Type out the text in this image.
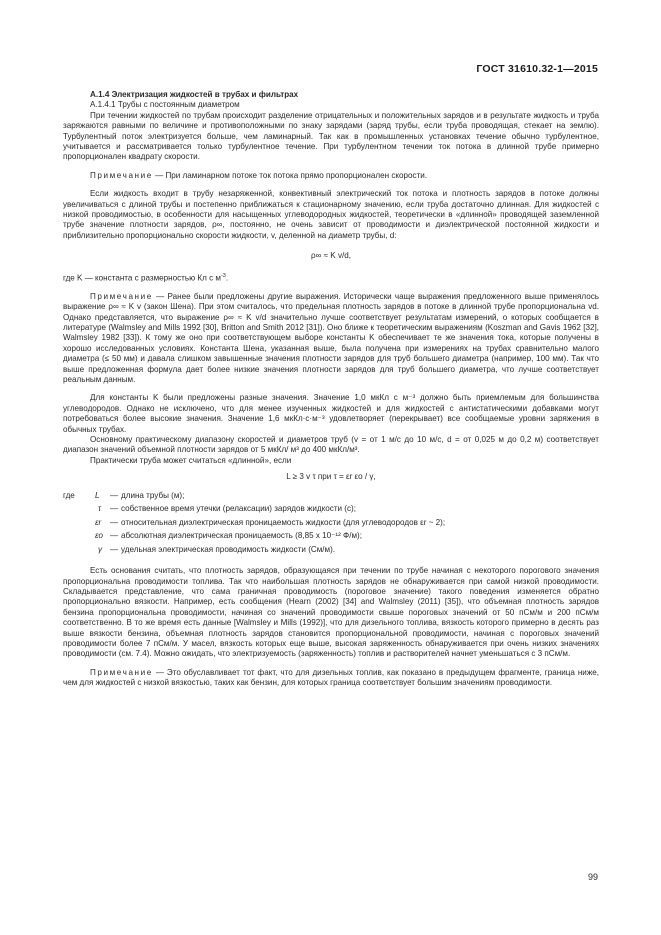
ГОСТ 31610.32-1—2015

А.1.4 Электризация жидкостей в трубах и фильтрах

А.1.4.1 Трубы с постоянным диаметром

При течении жидкостей по трубам происходит разделение отрицательных и положительных зарядов и в результате жидкость и труба заряжаются равными по величине и противоположными по знаку зарядами (заряд трубы, если труба проводящая, стекает на землю). Турбулентный поток электризуется больше, чем ламинарный. Так как в промышленных установках течение обычно турбулентное, учитывается и рассматривается только турбулентное течение. При турбулентном течении ток потока в длинной трубе примерно пропорционален квадрату скорости.

Примечание — При ламинарном потоке ток потока прямо пропорционален скорости.

Если жидкость входит в трубу незаряженной, конвективный электрический ток потока и плотность зарядов в потоке должны увеличиваться с длиной трубы и постепенно приближаться к стационарному значению, если труба достаточно длинная. Для жидкостей с низкой проводимостью, в особенности для насыщенных углеводородных жидкостей, теоретически в «длинной» проводящей заземленной трубе значение плотности зарядов, ρ∞, постоянно, не очень зависит от проводимости и диэлектрической постоянной жидкости и приблизительно пропорционально скорости жидкости, v, деленной на диаметр трубы, d:

ρ∞ ≈ K v/d,

где K — константа с размерностью Кл с $м^{-3}$.

Примечание — Ранее были предложены другие выражения. Исторически чаще выражения предложенного выше применялось выражение ρ∞ ≈ K v (закон Шена). При этом считалось, что предельная плотность зарядов в потоке в длинной трубе пропорциональна vd. Однако представляется, что выражение ρ∞ ≈ K v/d значительно лучше соответствует результатам измерений, о которых сообщается в литературе (Walmsley and Mills 1992 [30], Britton and Smith 2012 [31]). Оно ближе к теоретическим выражениям (Koszman and Gavis 1962 [32], Walmsley 1982 [33]). К тому же оно при соответствующем выборе константы K обеспечивает те же значения тока, которые получены в хорошо исследованных условиях. Константа Шена, указанная выше, была получена при измерениях на трубах сравнительно малого диаметра (≤ 50 мм) и давала слишком завышенные значения плотности зарядов для труб большего диаметра (например, 100 мм). Так что выше предложенная формула дает более низкие значения плотности зарядов для труб большего диаметра, что лучше соответствует реальным данным.

Для константы K были предложены разные значения. Значение 1,0 мкКл с м⁻³ должно быть приемлемым для большинства углеводородов. Однако не исключено, что для менее изученных жидкостей и для жидкостей с антистатическими добавками могут потребоваться более высокие значения. Значение 1,6 мкКл·с·м⁻³ удовлетворяет (перекрывает) все сообщаемые уровни заряжения в обычных трубах.

Основному практическому диапазону скоростей и диаметров труб (v = от 1 м/с до 10 м/с, d = от 0,025 м до 0,2 м) соответствует диапазон значений объемной плотности зарядов от 5 мкКл/ м³ до 400 мкКл/м³.

Практически труба может считаться «длинной», если

L ≥ 3 v τ при τ = εr εo / γ,

где L — длина трубы (м);
τ — собственное время утечки (релаксации) зарядов жидкости (с);
εr — относительная диэлектрическая проницаемость жидкости (для углеводородов εr ~ 2);
εo — абсолютная диэлектрическая проницаемость (8,85 x 10⁻¹² Ф/м);
γ — удельная электрическая проводимость жидкости (См/м).

Есть основания считать, что плотность зарядов, образующаяся при течении по трубе начиная с некоторого порогового значения пропорциональна проводимости топлива. Так что наибольшая плотность зарядов не обнаруживается при самой низкой проводимости. Складывается представление, что сама граничная проводимость (пороговое значение) такого поведения изменяется обратно пропорционально вязкости. Например, есть сообщения (Hearn (2002) [34] and Walmsley (2011) [35]), что объемная плотность зарядов бензина пропорциональна проводимости, начиная со значений проводимости свыше пороговых значений от 50 пСм/м и 200 пСм/м соответственно. В то же время есть данные [Walmsley и Mills (1992)], что для дизельного топлива, вязкость которого примерно в десять раз выше вязкости бензина, объемная плотность зарядов становится пропорциональной проводимости, начиная с пороговых значений проводимости более 7 пСм/м. У масел, вязкость которых еще выше, высокая заряженность обнаруживается при очень низких значениях проводимости (см. 7.4). Можно ожидать, что электризуемость (заряженность) топлив и растворителей начнет уменьшаться с 3 пСм/м.

Примечание — Это обуславливает тот факт, что для дизельных топлив, как показано в предыдущем фрагменте, граница ниже, чем для жидкостей с низкой вязкостью, таких как бензин, для которых граница соответствует большим значениям проводимости.

99
